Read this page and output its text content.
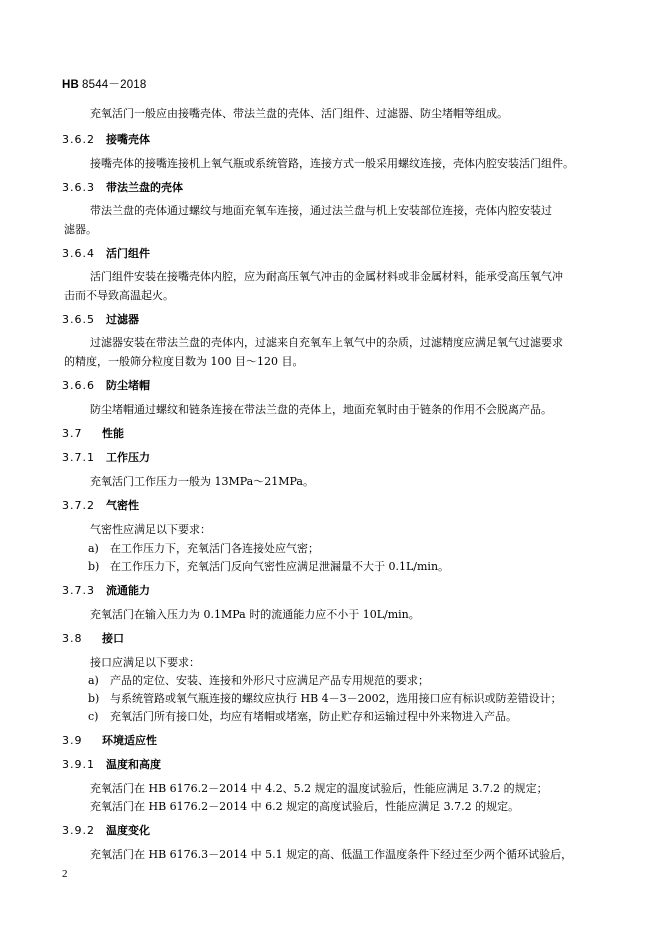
HB 8544－2018
充氧活门一般应由接嘴壳体、带法兰盘的壳体、活门组件、过滤器、防尘堵帽等组成。
3.6.2 接嘴壳体
接嘴壳体的接嘴连接机上氧气瓶或系统管路，连接方式一般采用螺纹连接，壳体内腔安装活门组件。
3.6.3 带法兰盘的壳体
带法兰盘的壳体通过螺纹与地面充氧车连接，通过法兰盘与机上安装部位连接，壳体内腔安装过
滤器。
3.6.4 活门组件
活门组件安装在接嘴壳体内腔，应为耐高压氧气冲击的金属材料或非金属材料，能承受高压氧气冲
击而不导致高温起火。
3.6.5 过滤器
过滤器安装在带法兰盘的壳体内，过滤来自充氧车上氧气中的杂质，过滤精度应满足氧气过滤要求
的精度，一般筛分粒度目数为 100 目～120 目。
3.6.6 防尘堵帽
防尘堵帽通过螺纹和链条连接在带法兰盘的壳体上，地面充氧时由于链条的作用不会脱离产品。
3.7 性能
3.7.1 工作压力
充氧活门工作压力一般为 13MPa～21MPa。
3.7.2 气密性
气密性应满足以下要求：
a) 在工作压力下，充氧活门各连接处应气密；
b) 在工作压力下，充氧活门反向气密性应满足泄漏量不大于 0.1L/min。
3.7.3 流通能力
充氧活门在输入压力为 0.1MPa 时的流通能力应不小于 10L/min。
3.8 接口
接口应满足以下要求：
a) 产品的定位、安装、连接和外形尺寸应满足产品专用规范的要求；
b) 与系统管路或氧气瓶连接的螺纹应执行 HB 4－3－2002，选用接口应有标识或防差错设计；
c) 充氧活门所有接口处，均应有堵帽或堵塞，防止贮存和运输过程中外来物进入产品。
3.9 环境适应性
3.9.1 温度和高度
充氧活门在 HB 6176.2－2014 中 4.2、5.2 规定的温度试验后，性能应满足 3.7.2 的规定；
充氧活门在 HB 6176.2－2014 中 6.2 规定的高度试验后，性能应满足 3.7.2 的规定。
3.9.2 温度变化
充氧活门在 HB 6176.3－2014 中 5.1 规定的高、低温工作温度条件下经过至少两个循环试验后，
2
